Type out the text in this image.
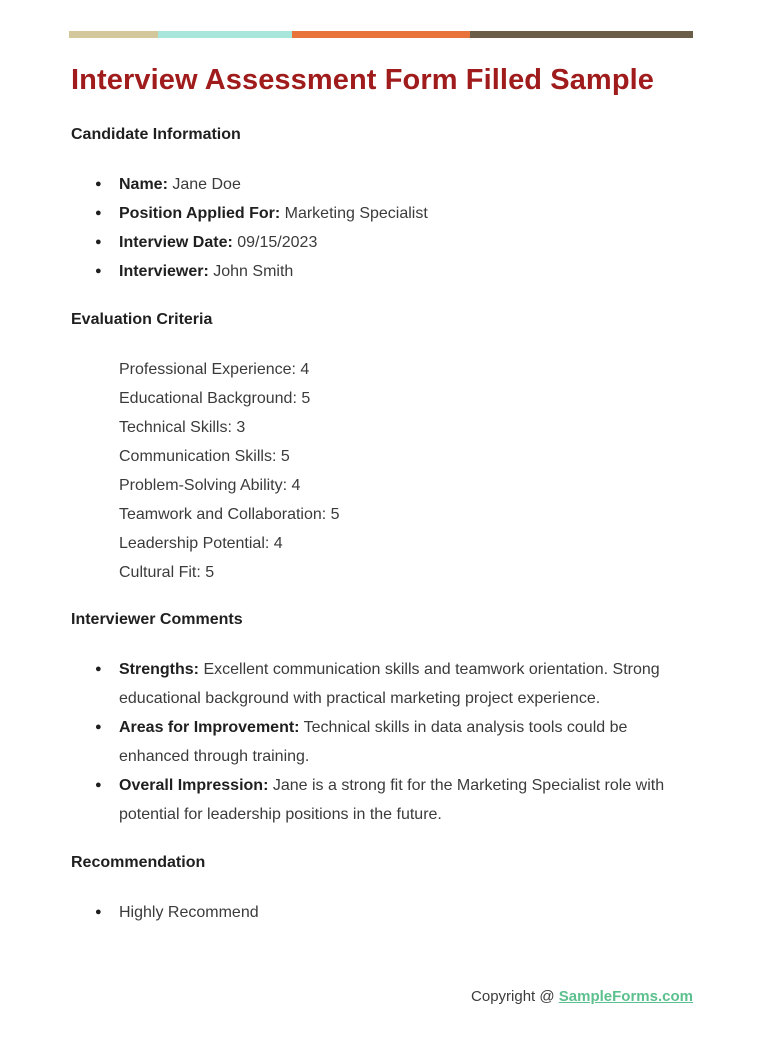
Interview Assessment Form Filled Sample
Candidate Information
● Name: Jane Doe
● Position Applied For: Marketing Specialist
● Interview Date: 09/15/2023
● Interviewer: John Smith
Evaluation Criteria
Professional Experience: 4
Educational Background: 5
Technical Skills: 3
Communication Skills: 5
Problem-Solving Ability: 4
Teamwork and Collaboration: 5
Leadership Potential: 4
Cultural Fit: 5
Interviewer Comments
● Strengths: Excellent communication skills and teamwork orientation. Strong educational background with practical marketing project experience.
● Areas for Improvement: Technical skills in data analysis tools could be enhanced through training.
● Overall Impression: Jane is a strong fit for the Marketing Specialist role with potential for leadership positions in the future.
Recommendation
● Highly Recommend
Copyright @ SampleForms.com
